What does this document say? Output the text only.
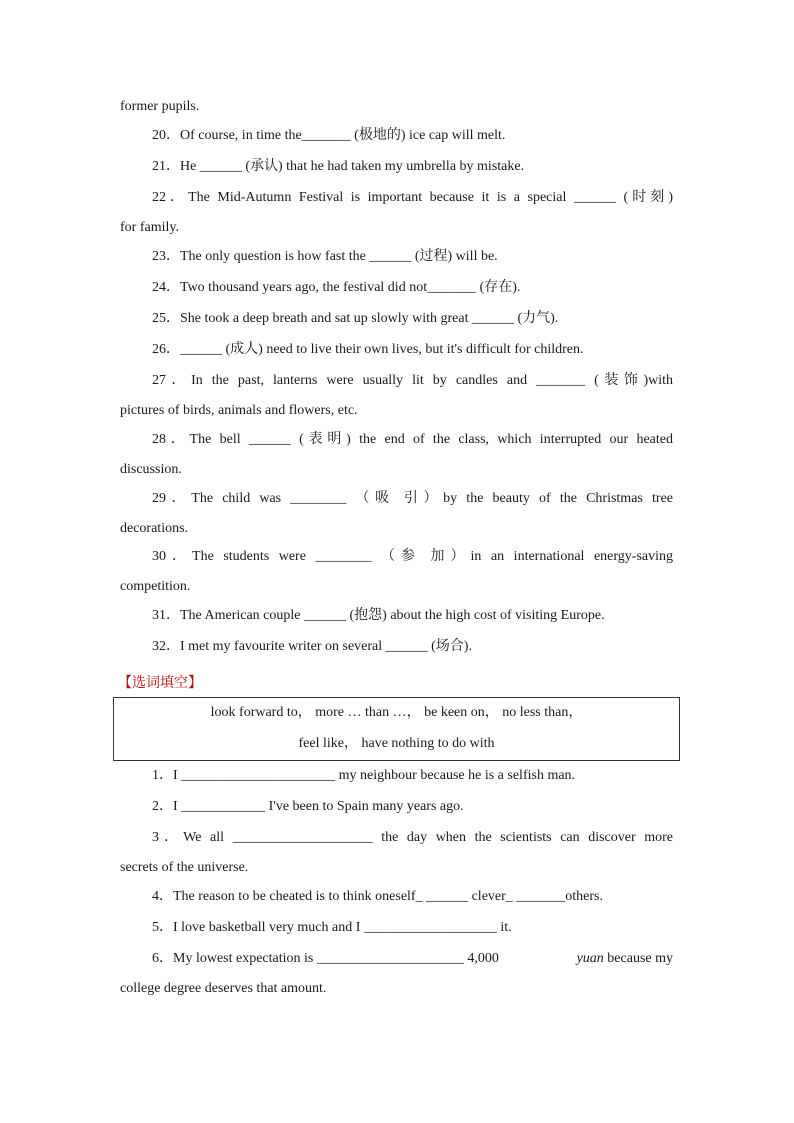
former pupils.
20．Of course, in time the_______ (极地的) ice cap will melt.
21．He ______ (承认) that he had taken my umbrella by mistake.
22．The Mid-Autumn Festival is important because it is a special ______ (时刻)
for family.
23．The only question is how fast the ______ (过程) will be.
24．Two thousand years ago, the festival did not_______ (存在).
25．She took a deep breath and sat up slowly with great ______ (力气).
26．______ (成人) need to live their own lives, but it's difficult for children.
27．In the past, lanterns were usually lit by candles and _______ (装饰)with
pictures of birds, animals and flowers, etc.
28．The bell ______ (表明) the end of the class, which interrupted our heated
discussion.
29．The child was ________ （吸 引）by the beauty of the Christmas tree
decorations.
30．The students were ________ （参 加）in an international energy-saving
competition.
31．The American couple ______ (抱怨) about the high cost of visiting Europe.
32．I met my favourite writer on several ______ (场合).
【选词填空】
look forward to， more … than …， be keen on， no less than，
feel like， have nothing to do with
1．I ______________________ my neighbour because he is a selfish man.
2．I ____________ I've been to Spain many years ago.
3．We all ____________________ the day when the scientists can discover more
secrets of the universe.
4．The reason to be cheated is to think oneself_ ______ clever_ _______others.
5．I love basketball very much and I ___________________ it.
6．My lowest expectation is _____________________ 4,000	yuan because my
college degree deserves that amount.
